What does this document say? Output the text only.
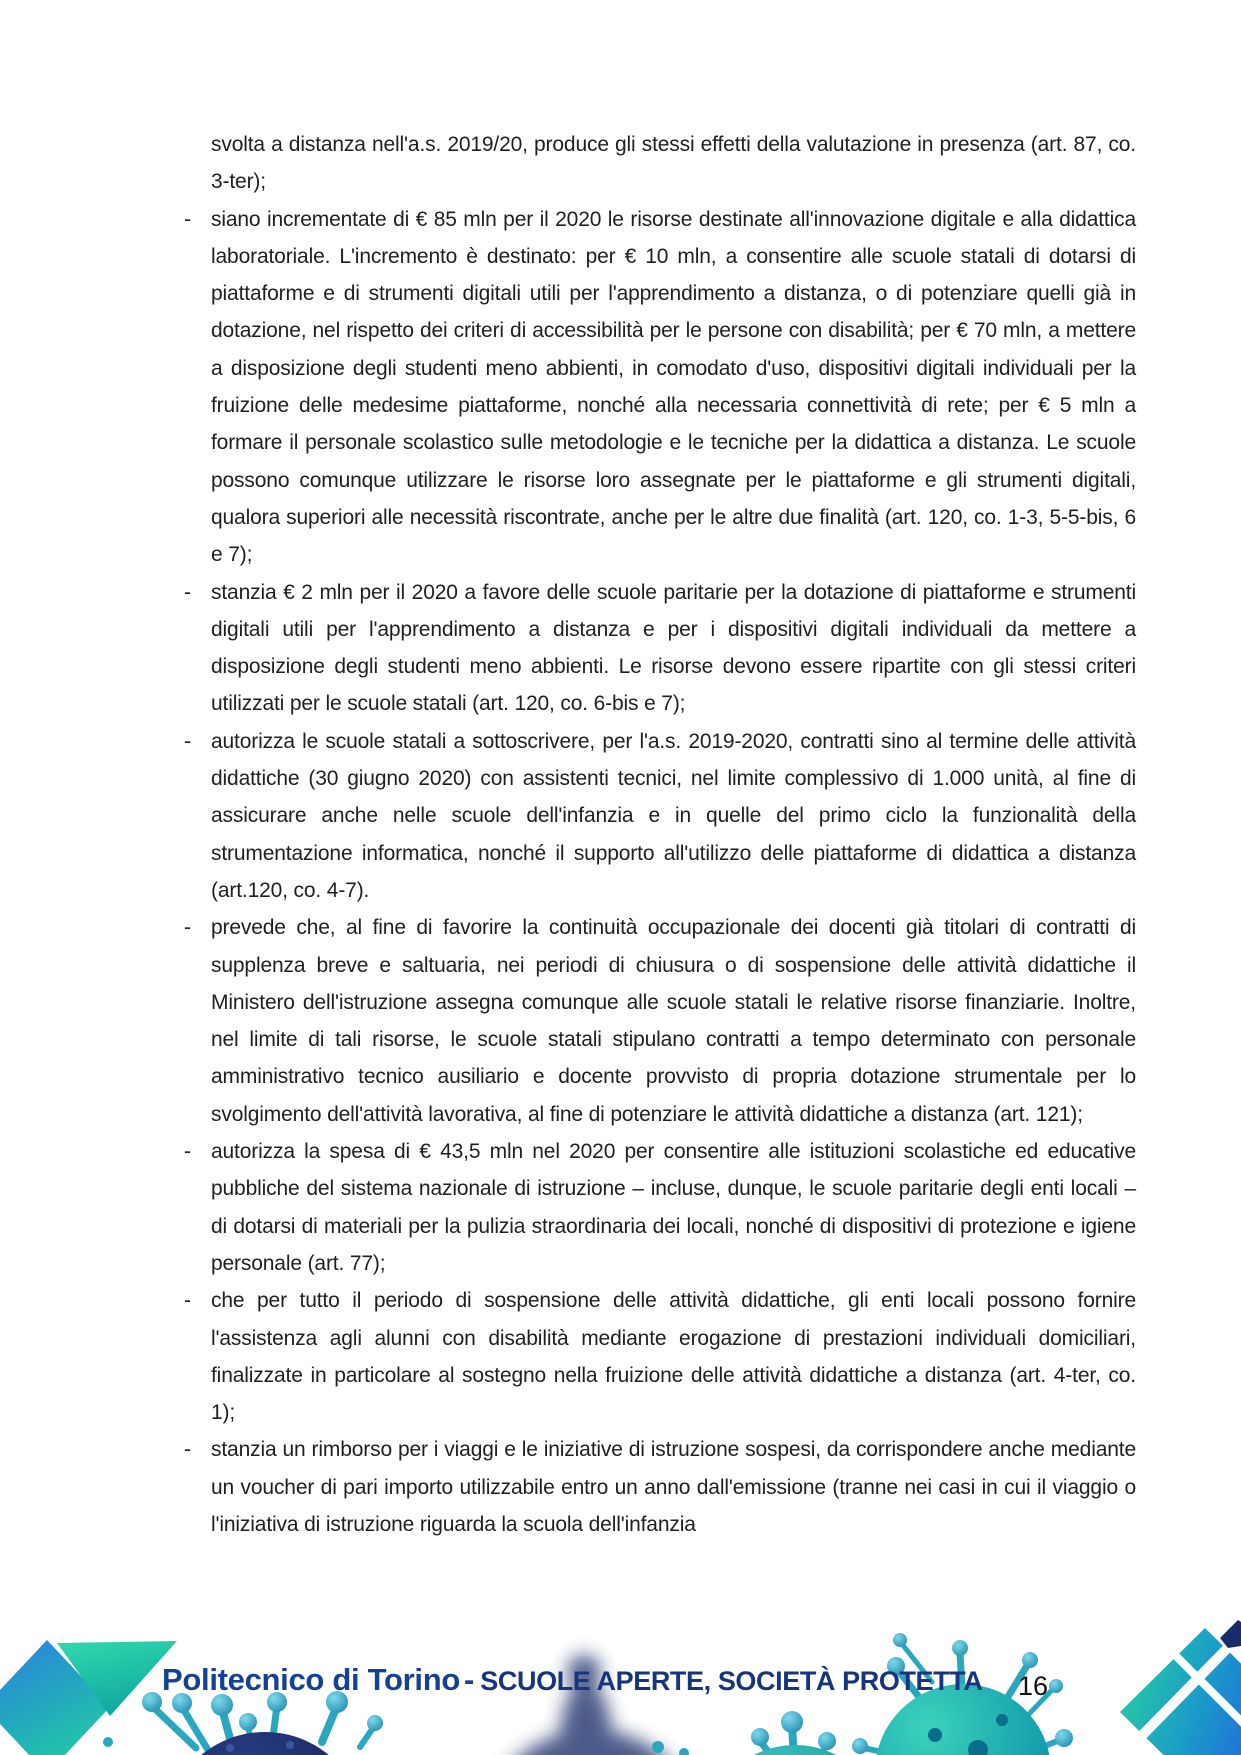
svolta a distanza nell'a.s. 2019/20, produce gli stessi effetti della valutazione in presenza (art. 87, co. 3-ter);

- siano incrementate di € 85 mln per il 2020 le risorse destinate all'innovazione digitale e alla didattica laboratoriale. L'incremento è destinato: per € 10 mln, a consentire alle scuole statali di dotarsi di piattaforme e di strumenti digitali utili per l'apprendimento a distanza, o di potenziare quelli già in dotazione, nel rispetto dei criteri di accessibilità per le persone con disabilità; per € 70 mln, a mettere a disposizione degli studenti meno abbienti, in comodato d'uso, dispositivi digitali individuali per la fruizione delle medesime piattaforme, nonché alla necessaria connettività di rete; per € 5 mln a formare il personale scolastico sulle metodologie e le tecniche per la didattica a distanza. Le scuole possono comunque utilizzare le risorse loro assegnate per le piattaforme e gli strumenti digitali, qualora superiori alle necessità riscontrate, anche per le altre due finalità (art. 120, co. 1-3, 5-5-bis, 6 e 7);

- stanzia € 2 mln per il 2020 a favore delle scuole paritarie per la dotazione di piattaforme e strumenti digitali utili per l'apprendimento a distanza e per i dispositivi digitali individuali da mettere a disposizione degli studenti meno abbienti. Le risorse devono essere ripartite con gli stessi criteri utilizzati per le scuole statali (art. 120, co. 6-bis e 7);

- autorizza le scuole statali a sottoscrivere, per l'a.s. 2019-2020, contratti sino al termine delle attività didattiche (30 giugno 2020) con assistenti tecnici, nel limite complessivo di 1.000 unità, al fine di assicurare anche nelle scuole dell'infanzia e in quelle del primo ciclo la funzionalità della strumentazione informatica, nonché il supporto all'utilizzo delle piattaforme di didattica a distanza (art.120, co. 4-7).

- prevede che, al fine di favorire la continuità occupazionale dei docenti già titolari di contratti di supplenza breve e saltuaria, nei periodi di chiusura o di sospensione delle attività didattiche il Ministero dell'istruzione assegna comunque alle scuole statali le relative risorse finanziarie. Inoltre, nel limite di tali risorse, le scuole statali stipulano contratti a tempo determinato con personale amministrativo tecnico ausiliario e docente provvisto di propria dotazione strumentale per lo svolgimento dell'attività lavorativa, al fine di potenziare le attività didattiche a distanza (art. 121);

- autorizza la spesa di € 43,5 mln nel 2020 per consentire alle istituzioni scolastiche ed educative pubbliche del sistema nazionale di istruzione – incluse, dunque, le scuole paritarie degli enti locali – di dotarsi di materiali per la pulizia straordinaria dei locali, nonché di dispositivi di protezione e igiene personale (art. 77);

- che per tutto il periodo di sospensione delle attività didattiche, gli enti locali possono fornire l'assistenza agli alunni con disabilità mediante erogazione di prestazioni individuali domiciliari, finalizzate in particolare al sostegno nella fruizione delle attività didattiche a distanza (art. 4-ter, co. 1);

- stanzia un rimborso per i viaggi e le iniziative di istruzione sospesi, da corrispondere anche mediante un voucher di pari importo utilizzabile entro un anno dall'emissione (tranne nei casi in cui il viaggio o l'iniziativa di istruzione riguarda la scuola dell'infanzia

Politecnico di Torino - SCUOLE APERTE, SOCIETÀ PROTETTA 16
